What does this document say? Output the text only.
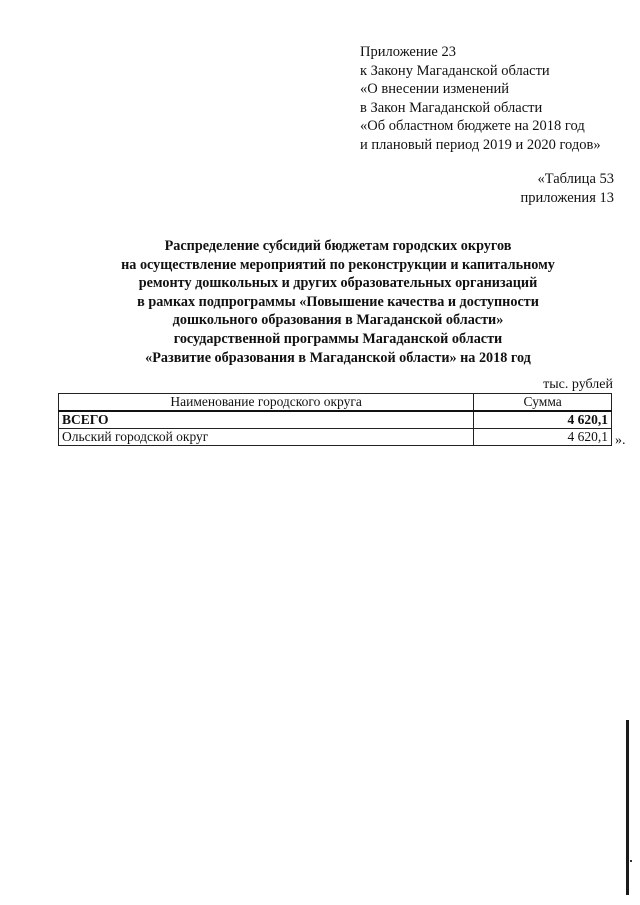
Приложение 23
к Закону Магаданской области
«О внесении изменений
в Закон Магаданской области
«Об областном бюджете на 2018 год
и плановый период 2019 и 2020 годов»
«Таблица 53
приложения 13
Распределение субсидий бюджетам городских округов
на осуществление мероприятий по реконструкции и капитальному
ремонту дошкольных и других образовательных организаций
в рамках подпрограммы «Повышение качества и доступности
дошкольного образования в Магаданской области»
государственной программы Магаданской области
«Развитие образования в Магаданской области» на 2018 год
тыс. рублей
Наименование городского округа	Сумма
ВСЕГО	4 620,1
Ольский городской округ	4 620,1 ».
